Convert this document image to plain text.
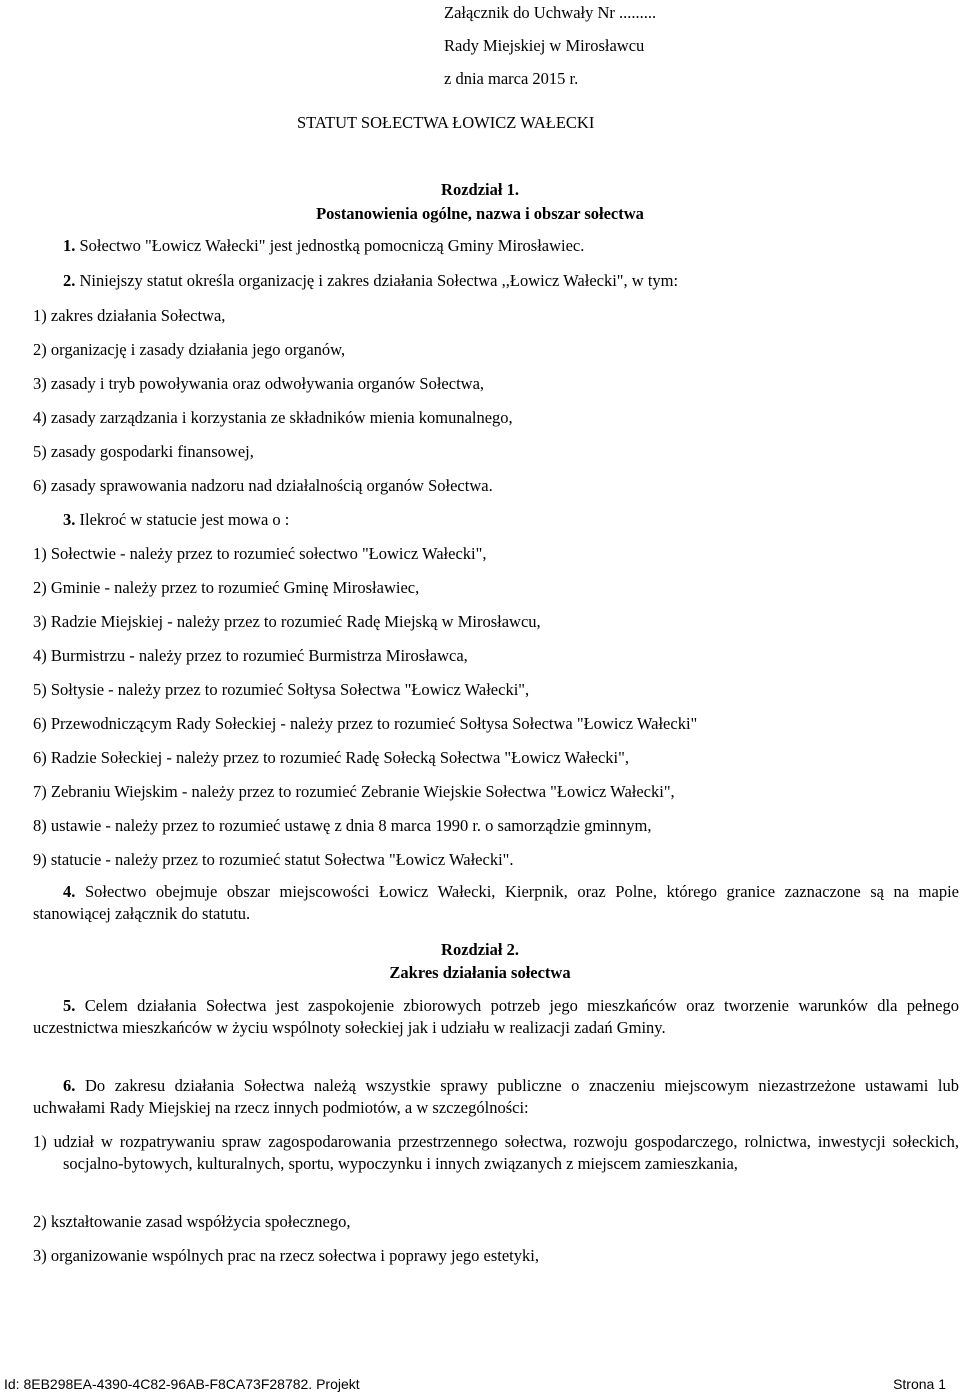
Załącznik do Uchwały Nr .........
Rady Miejskiej w Mirosławcu
z dnia marca 2015 r.
STATUT SOŁECTWA ŁOWICZ WAŁECKI
Rozdział 1.
Postanowienia ogólne, nazwa i obszar sołectwa
1. Sołectwo "Łowicz Wałecki" jest jednostką pomocniczą Gminy Mirosławiec.
2. Niniejszy statut określa organizację i zakres działania Sołectwa ,,Łowicz Wałecki", w tym:
1) zakres działania Sołectwa,
2) organizację i zasady działania jego organów,
3) zasady i tryb powoływania oraz odwoływania organów Sołectwa,
4) zasady zarządzania i korzystania ze składników mienia komunalnego,
5) zasady gospodarki finansowej,
6) zasady sprawowania nadzoru nad działalnością organów Sołectwa.
3. Ilekroć w statucie jest mowa o :
1) Sołectwie - należy przez to rozumieć sołectwo "Łowicz Wałecki",
2) Gminie - należy przez to rozumieć Gminę Mirosławiec,
3) Radzie Miejskiej - należy przez to rozumieć Radę Miejską w Mirosławcu,
4) Burmistrzu - należy przez to rozumieć Burmistrza Mirosławca,
5) Sołtysie - należy przez to rozumieć Sołtysa Sołectwa "Łowicz Wałecki",
6) Przewodniczącym Rady Sołeckiej - należy przez to rozumieć Sołtysa Sołectwa "Łowicz Wałecki"
6) Radzie Sołeckiej - należy przez to rozumieć Radę Sołecką Sołectwa "Łowicz Wałecki",
7) Zebraniu Wiejskim - należy przez to rozumieć Zebranie Wiejskie Sołectwa "Łowicz Wałecki",
8) ustawie - należy przez to rozumieć ustawę z dnia 8 marca 1990 r. o samorządzie gminnym,
9) statucie - należy przez to rozumieć statut Sołectwa "Łowicz Wałecki".
4. Sołectwo obejmuje obszar miejscowości Łowicz Wałecki, Kierpnik, oraz Polne, którego granice zaznaczone są na mapie stanowiącej załącznik do statutu.
Rozdział 2.
Zakres działania sołectwa
5. Celem działania Sołectwa jest zaspokojenie zbiorowych potrzeb jego mieszkańców oraz tworzenie warunków dla pełnego uczestnictwa mieszkańców w życiu wspólnoty sołeckiej jak i udziału w realizacji zadań Gminy.
6. Do zakresu działania Sołectwa należą wszystkie sprawy publiczne o znaczeniu miejscowym niezastrzeżone ustawami lub uchwałami Rady Miejskiej na rzecz innych podmiotów, a w szczególności:
1) udział w rozpatrywaniu spraw zagospodarowania przestrzennego sołectwa, rozwoju gospodarczego, rolnictwa, inwestycji sołeckich, socjalno-bytowych, kulturalnych, sportu, wypoczynku i innych związanych z miejscem zamieszkania,
2) kształtowanie zasad współżycia społecznego,
3) organizowanie wspólnych prac na rzecz sołectwa i poprawy jego estetyki,
Id: 8EB298EA-4390-4C82-96AB-F8CA73F28782. Projekt	Strona 1
